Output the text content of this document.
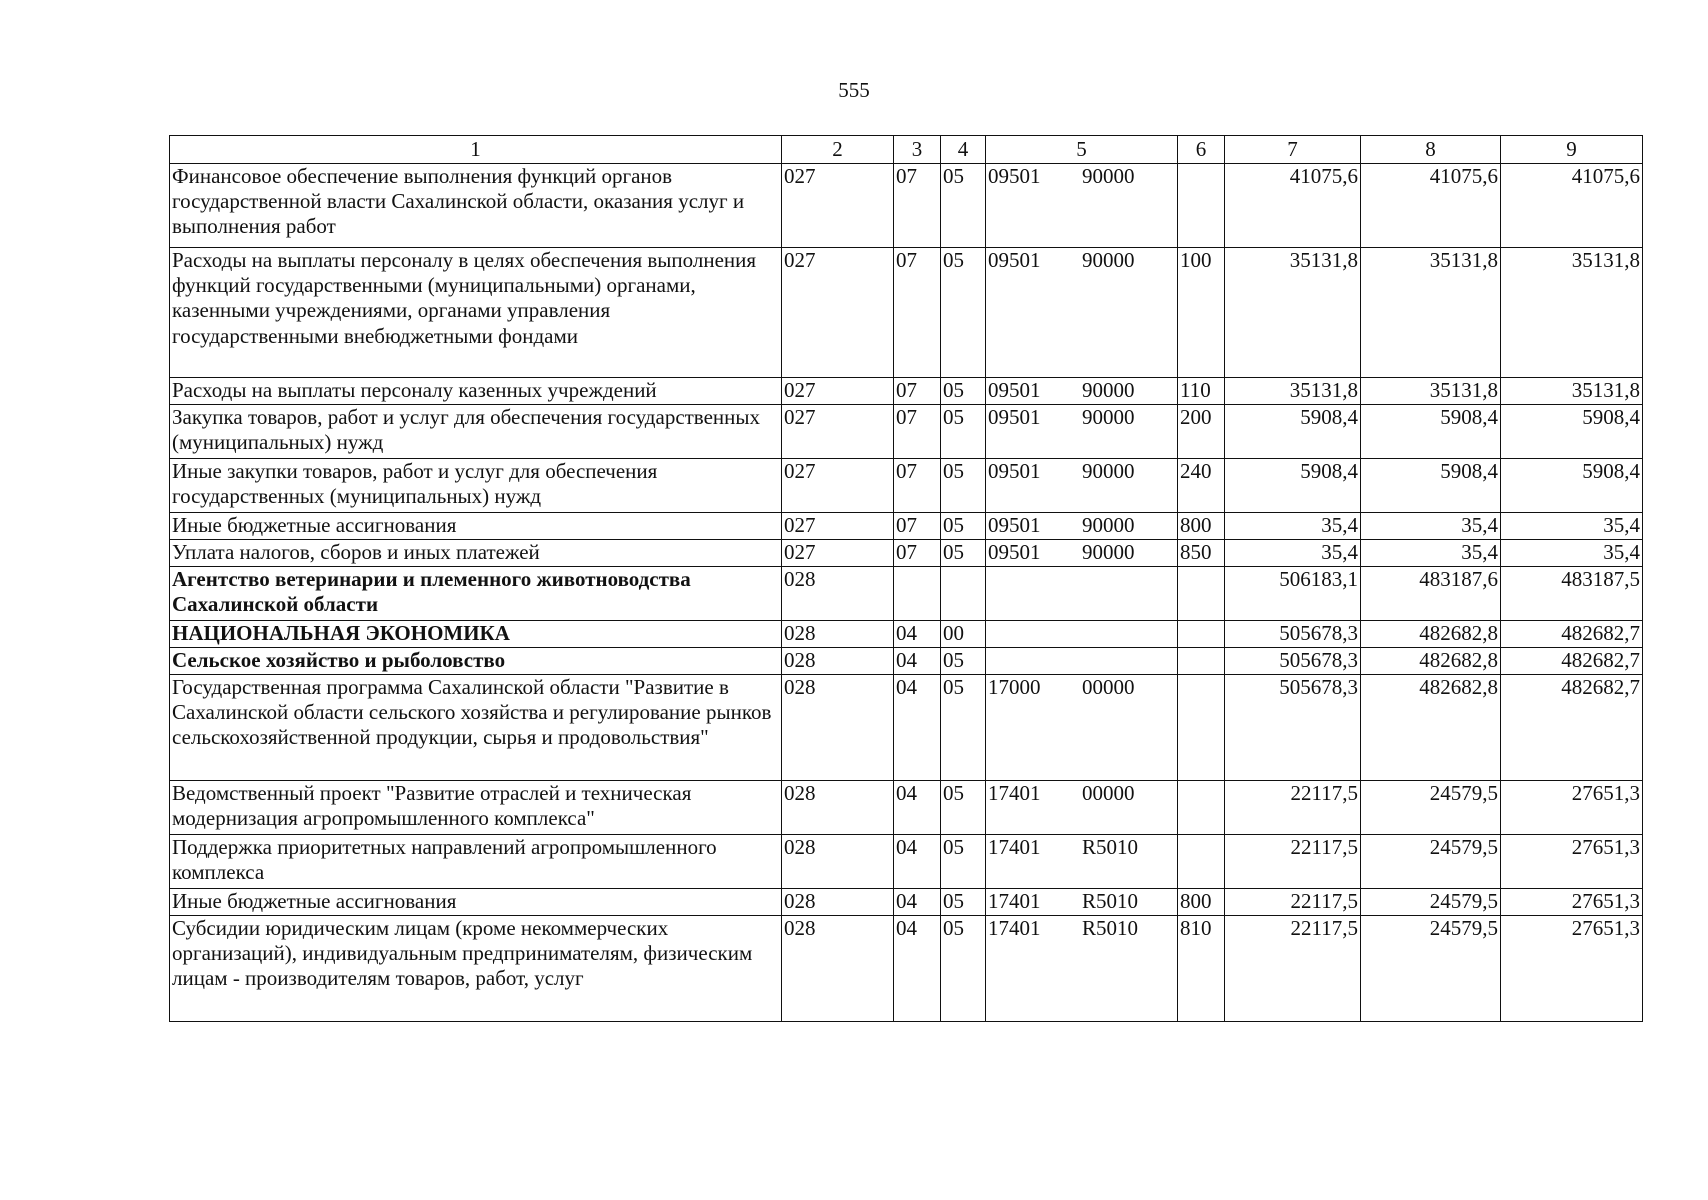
555
1	2	3	4	5	6	7	8	9
Финансовое обеспечение выполнения функций органов государственной власти Сахалинской области, оказания услуг и выполнения работ	027	07	05	09501 90000		41075,6	41075,6	41075,6
Расходы на выплаты персоналу в целях обеспечения выполнения функций государственными (муниципальными) органами, казенными учреждениями, органами управления государственными внебюджетными фондами	027	07	05	09501 90000	100	35131,8	35131,8	35131,8
Расходы на выплаты персоналу казенных учреждений	027	07	05	09501 90000	110	35131,8	35131,8	35131,8
Закупка товаров, работ и услуг для обеспечения государственных (муниципальных) нужд	027	07	05	09501 90000	200	5908,4	5908,4	5908,4
Иные закупки товаров, работ и услуг для обеспечения государственных (муниципальных) нужд	027	07	05	09501 90000	240	5908,4	5908,4	5908,4
Иные бюджетные ассигнования	027	07	05	09501 90000	800	35,4	35,4	35,4
Уплата налогов, сборов и иных платежей	027	07	05	09501 90000	850	35,4	35,4	35,4
Агентство ветеринарии и племенного животноводства Сахалинской области	028					506183,1	483187,6	483187,5
НАЦИОНАЛЬНАЯ ЭКОНОМИКА	028	04	00			505678,3	482682,8	482682,7
Сельское хозяйство и рыболовство	028	04	05			505678,3	482682,8	482682,7
Государственная программа Сахалинской области "Развитие в Сахалинской области сельского хозяйства и регулирование рынков сельскохозяйственной продукции, сырья и продовольствия"	028	04	05	17000 00000		505678,3	482682,8	482682,7
Ведомственный проект "Развитие отраслей и техническая модернизация агропромышленного комплекса"	028	04	05	17401 00000		22117,5	24579,5	27651,3
Поддержка приоритетных направлений агропромышленного комплекса	028	04	05	17401 R5010		22117,5	24579,5	27651,3
Иные бюджетные ассигнования	028	04	05	17401 R5010	800	22117,5	24579,5	27651,3
Субсидии юридическим лицам (кроме некоммерческих организаций), индивидуальным предпринимателям, физическим лицам - производителям товаров, работ, услуг	028	04	05	17401 R5010	810	22117,5	24579,5	27651,3
